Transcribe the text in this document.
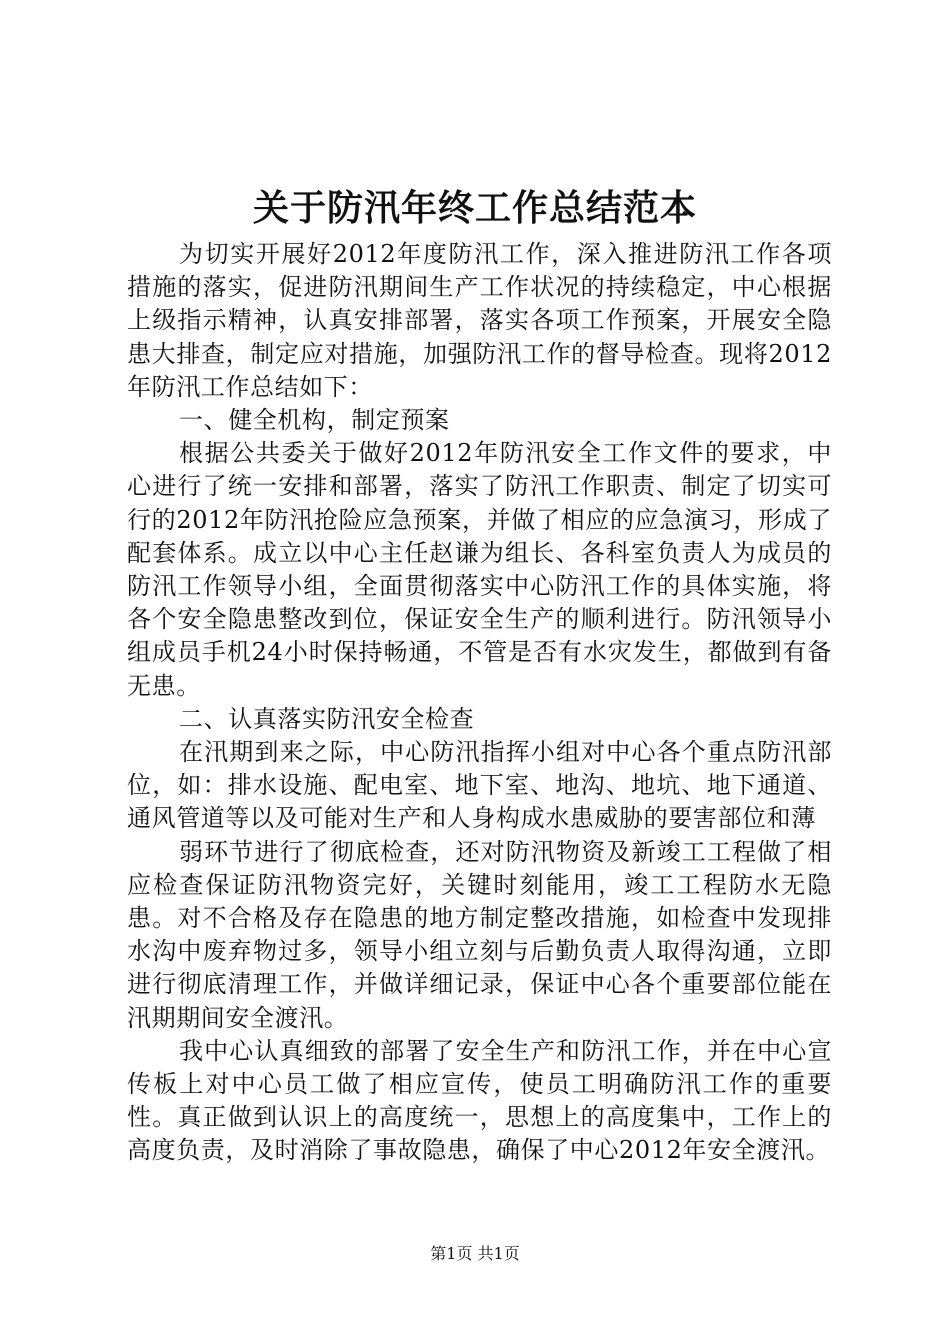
关于防汛年终工作总结范本

为切实开展好2012年度防汛工作，深入推进防汛工作各项措施的落实，促进防汛期间生产工作状况的持续稳定，中心根据上级指示精神，认真安排部署，落实各项工作预案，开展安全隐患大排查，制定应对措施，加强防汛工作的督导检查。现将2012年防汛工作总结如下：

一、健全机构，制定预案

根据公共委关于做好2012年防汛安全工作文件的要求，中心进行了统一安排和部署，落实了防汛工作职责、制定了切实可行的2012年防汛抢险应急预案，并做了相应的应急演习，形成了配套体系。成立以中心主任赵谦为组长、各科室负责人为成员的防汛工作领导小组，全面贯彻落实中心防汛工作的具体实施，将各个安全隐患整改到位，保证安全生产的顺利进行。防汛领导小组成员手机24小时保持畅通，不管是否有水灾发生，都做到有备无患。

二、认真落实防汛安全检查

在汛期到来之际，中心防汛指挥小组对中心各个重点防汛部位，如：排水设施、配电室、地下室、地沟、地坑、地下通道、通风管道等以及可能对生产和人身构成水患威胁的要害部位和薄

弱环节进行了彻底检查，还对防汛物资及新竣工工程做了相应检查保证防汛物资完好，关键时刻能用，竣工工程防水无隐患。对不合格及存在隐患的地方制定整改措施，如检查中发现排水沟中废弃物过多，领导小组立刻与后勤负责人取得沟通，立即进行彻底清理工作，并做详细记录，保证中心各个重要部位能在汛期期间安全渡汛。

我中心认真细致的部署了安全生产和防汛工作，并在中心宣传板上对中心员工做了相应宣传，使员工明确防汛工作的重要性。真正做到认识上的高度统一，思想上的高度集中，工作上的高度负责，及时消除了事故隐患，确保了中心2012年安全渡汛。

第1页 共1页
